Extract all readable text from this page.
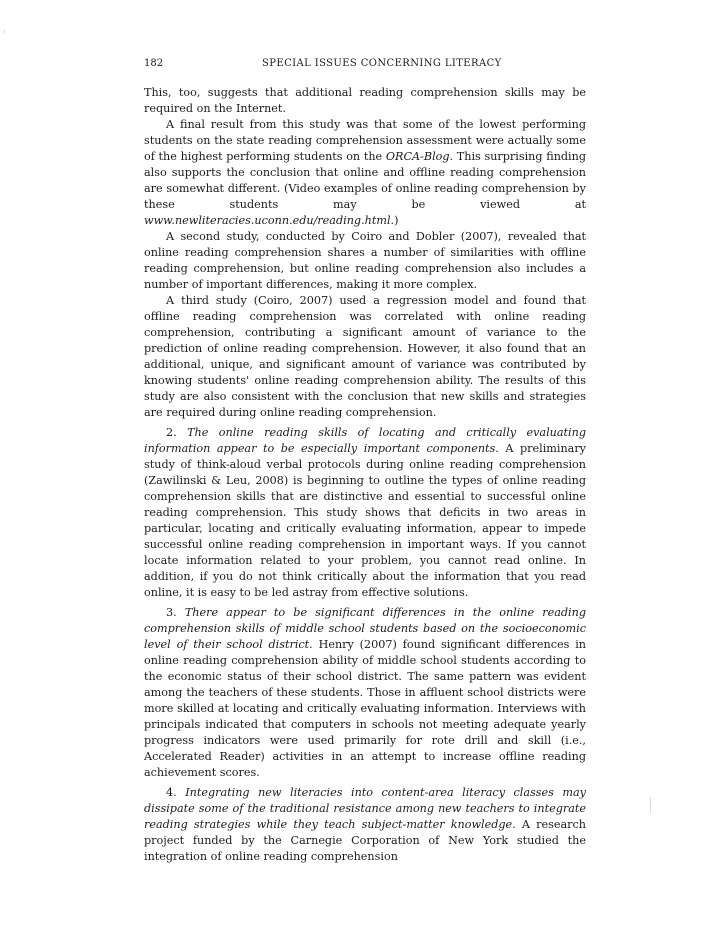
182	SPECIAL ISSUES CONCERNING LITERACY

This, too, suggests that additional reading comprehension skills may be required on the Internet.

A final result from this study was that some of the lowest performing students on the state reading comprehension assessment were actually some of the highest performing students on the ORCA-Blog. This surprising finding also supports the conclusion that online and offline reading comprehension are somewhat different. (Video examples of online reading comprehension by these students may be viewed at www.newliteracies.uconn.edu/reading.html.)

A second study, conducted by Coiro and Dobler (2007), revealed that online reading comprehension shares a number of similarities with offline reading comprehension, but online reading comprehension also includes a number of important differences, making it more complex.

A third study (Coiro, 2007) used a regression model and found that offline reading comprehension was correlated with online reading comprehension, contributing a significant amount of variance to the prediction of online reading comprehension. However, it also found that an additional, unique, and significant amount of variance was contributed by knowing students' online reading comprehension ability. The results of this study are also consistent with the conclusion that new skills and strategies are required during online reading comprehension.

2. The online reading skills of locating and critically evaluating information appear to be especially important components. A preliminary study of think-aloud verbal protocols during online reading comprehension (Zawilinski & Leu, 2008) is beginning to outline the types of online reading comprehension skills that are distinctive and essential to successful online reading comprehension. This study shows that deficits in two areas in particular, locating and critically evaluating information, appear to impede successful online reading comprehension in important ways. If you cannot locate information related to your problem, you cannot read online. In addition, if you do not think critically about the information that you read online, it is easy to be led astray from effective solutions.

3. There appear to be significant differences in the online reading comprehension skills of middle school students based on the socioeconomic level of their school district. Henry (2007) found significant differences in online reading comprehension ability of middle school students according to the economic status of their school district. The same pattern was evident among the teachers of these students. Those in affluent school districts were more skilled at locating and critically evaluating information. Interviews with principals indicated that computers in schools not meeting adequate yearly progress indicators were used primarily for rote drill and skill (i.e., Accelerated Reader) activities in an attempt to increase offline reading achievement scores.

4. Integrating new literacies into content-area literacy classes may dissipate some of the traditional resistance among new teachers to integrate reading strategies while they teach subject-matter knowledge. A research project funded by the Carnegie Corporation of New York studied the integration of online reading comprehension
